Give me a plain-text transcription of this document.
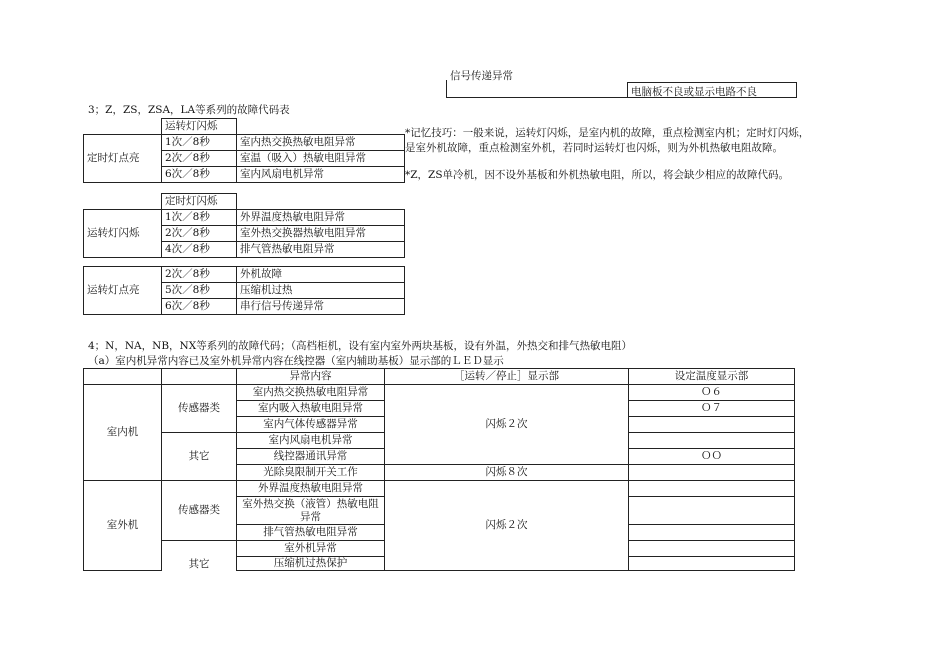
信号传递异常
电脑板不良或显示电路不良
3；Z，ZS，ZSA，LA等系列的故障代码表
	运转灯闪烁	
定时灯点亮	1次／8秒	室内热交换热敏电阻异常
	2次／8秒	室温（吸入）热敏电阻异常
	6次／8秒	室内风扇电机异常
*记忆技巧：一般来说，运转灯闪烁，是室内机的故障，重点检测室内机；定时灯闪烁，
是室外机故障，重点检测室外机，若同时运转灯也闪烁，则为外机热敏电阻故障。
*Z，ZS单冷机，因不设外基板和外机热敏电阻，所以，将会缺少相应的故障代码。
	定时灯闪烁	
运转灯闪烁	1次／8秒	外界温度热敏电阻异常
	2次／8秒	室外热交换器热敏电阻异常
	4次／8秒	排气管热敏电阻异常
运转灯点亮	2次／8秒	外机故障
	5次／8秒	压缩机过热
	6次／8秒	串行信号传递异常
4；N，NA，NB，NX等系列的故障代码；（高档柜机，设有室内室外两块基板，设有外温，外热交和排气热敏电阻）
（a）室内机异常内容已及室外机异常内容在线控器（室内辅助基板）显示部的ＬＥＤ显示
		异常内容	［运转／停止］显示部	设定温度显示部
室内机	传感器类	室内热交换热敏电阻异常	闪烁２次	Ｏ６
		室内吸入热敏电阻异常		Ｏ７
		室内气体传感器异常		
	其它	室内风扇电机异常		
		线控器通讯异常		ＯＯ
		光除臭限制开关工作	闪烁８次	
室外机	传感器类	外界温度热敏电阻异常	闪烁２次	
		室外热交换（液管）热敏电阻异常		
		排气管热敏电阻异常		
	其它	室外机异常		
		压缩机过热保护		
